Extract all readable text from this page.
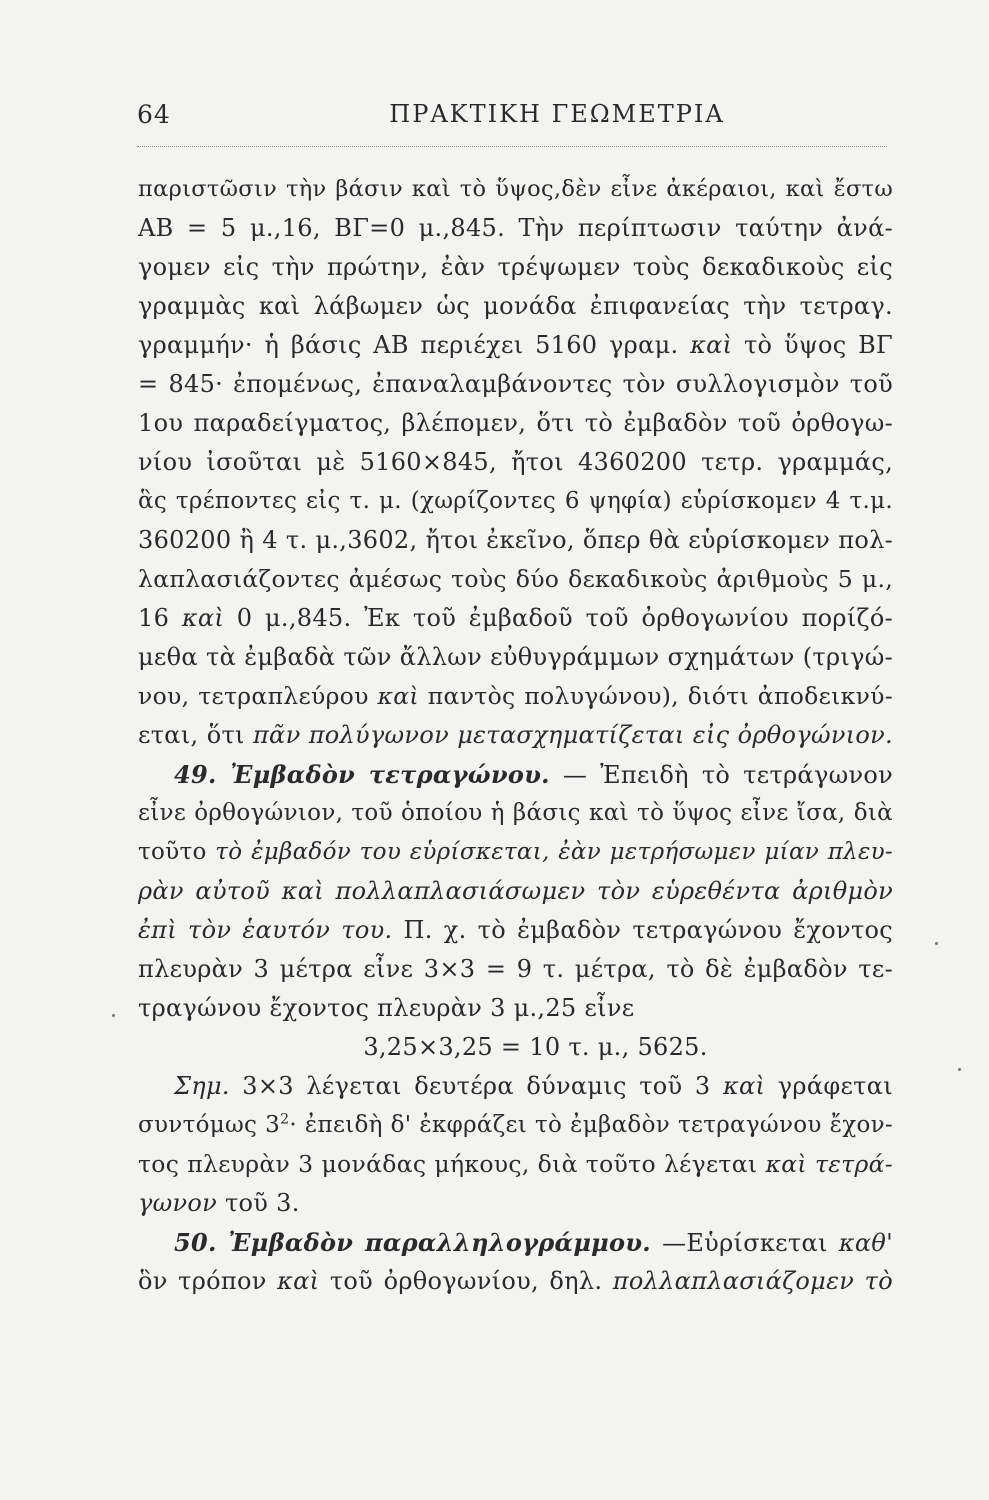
64	ΠΡΑΚΤΙΚΗ ΓΕΩΜΕΤΡΙΑ
παριστῶσιν τὴν βάσιν καὶ τὸ ὕψος,δὲν εἶνε ἀκέραιοι, καὶ ἔστω
ΑΒ = 5 μ.,16, ΒΓ=0 μ.,845. Τὴν περίπτωσιν ταύτην ἀνά-
γομεν εἰς τὴν πρώτην, ἐὰν τρέψωμεν τοὺς δεκαδικοὺς εἰς
γραμμὰς καὶ λάβωμεν ὡς μονάδα ἐπιφανείας τὴν τετραγ.
γραμμήν· ἡ βάσις ΑΒ περιέχει 5160 γραμ. καὶ τὸ ὕψος ΒΓ
= 845· ἐπομένως, ἐπαναλαμβάνοντες τὸν συλλογισμὸν τοῦ
1ου παραδείγματος, βλέπομεν, ὅτι τὸ ἐμβαδὸν τοῦ ὀρθογω-
νίου ἰσοῦται μὲ 5160×845, ἤτοι 4360200 τετρ. γραμμάς,
ἃς τρέποντες εἰς τ. μ. (χωρίζοντες 6 ψηφία) εὑρίσκομεν 4 τ.μ.
360200 ἢ 4 τ. μ.,3602, ἤτοι ἐκεῖνο, ὅπερ θὰ εὑρίσκομεν πολ-
λαπλασιάζοντες ἀμέσως τοὺς δύο δεκαδικοὺς ἀριθμοὺς 5 μ.,
16 καὶ 0 μ.,845. Ἐκ τοῦ ἐμβαδοῦ τοῦ ὀρθογωνίου πορίζό-
μεθα τὰ ἐμβαδὰ τῶν ἄλλων εὐθυγράμμων σχημάτων (τριγώ-
νου, τετραπλεύρου καὶ παντὸς πολυγώνου), διότι ἀποδεικνύ-
εται, ὅτι πᾶν πολύγωνον μετασχηματίζεται εἰς ὀρθογώνιον.
49. Ἐμβαδὸν τετραγώνου. — Ἐπειδὴ τὸ τετράγωνον
εἶνε ὀρθογώνιον, τοῦ ὁποίου ἡ βάσις καὶ τὸ ὕψος εἶνε ἴσα, διὰ
τοῦτο τὸ ἐμβαδόν του εὑρίσκεται, ἐὰν μετρήσωμεν μίαν πλευ-
ρὰν αὐτοῦ καὶ πολλαπλασιάσωμεν τὸν εὑρεθέντα ἀριθμὸν
ἐπὶ τὸν ἑαυτόν του. Π. χ. τὸ ἐμβαδὸν τετραγώνου ἔχοντος
πλευρὰν 3 μέτρα εἶνε 3×3 = 9 τ. μέτρα, τὸ δὲ ἐμβαδὸν τε-
τραγώνου ἔχοντος πλευρὰν 3 μ.,25 εἶνε
3,25×3,25 = 10 τ. μ., 5625.
Σημ. 3×3 λέγεται δευτέρα δύναμις τοῦ 3 καὶ γράφεται
συντόμως $3^2\cdot$ ἐπειδὴ δ' ἐκφράζει τὸ ἐμβαδὸν τετραγώνου ἔχον-
τος πλευρὰν 3 μονάδας μήκους, διὰ τοῦτο λέγεται καὶ τετρά-
γωνον τοῦ 3.
50. Ἐμβαδὸν παραλληλογράμμου. —Εὑρίσκεται καθ'
ὃν τρόπον καὶ τοῦ ὀρθογωνίου, δηλ. πολλαπλασιάζομεν τὸ
